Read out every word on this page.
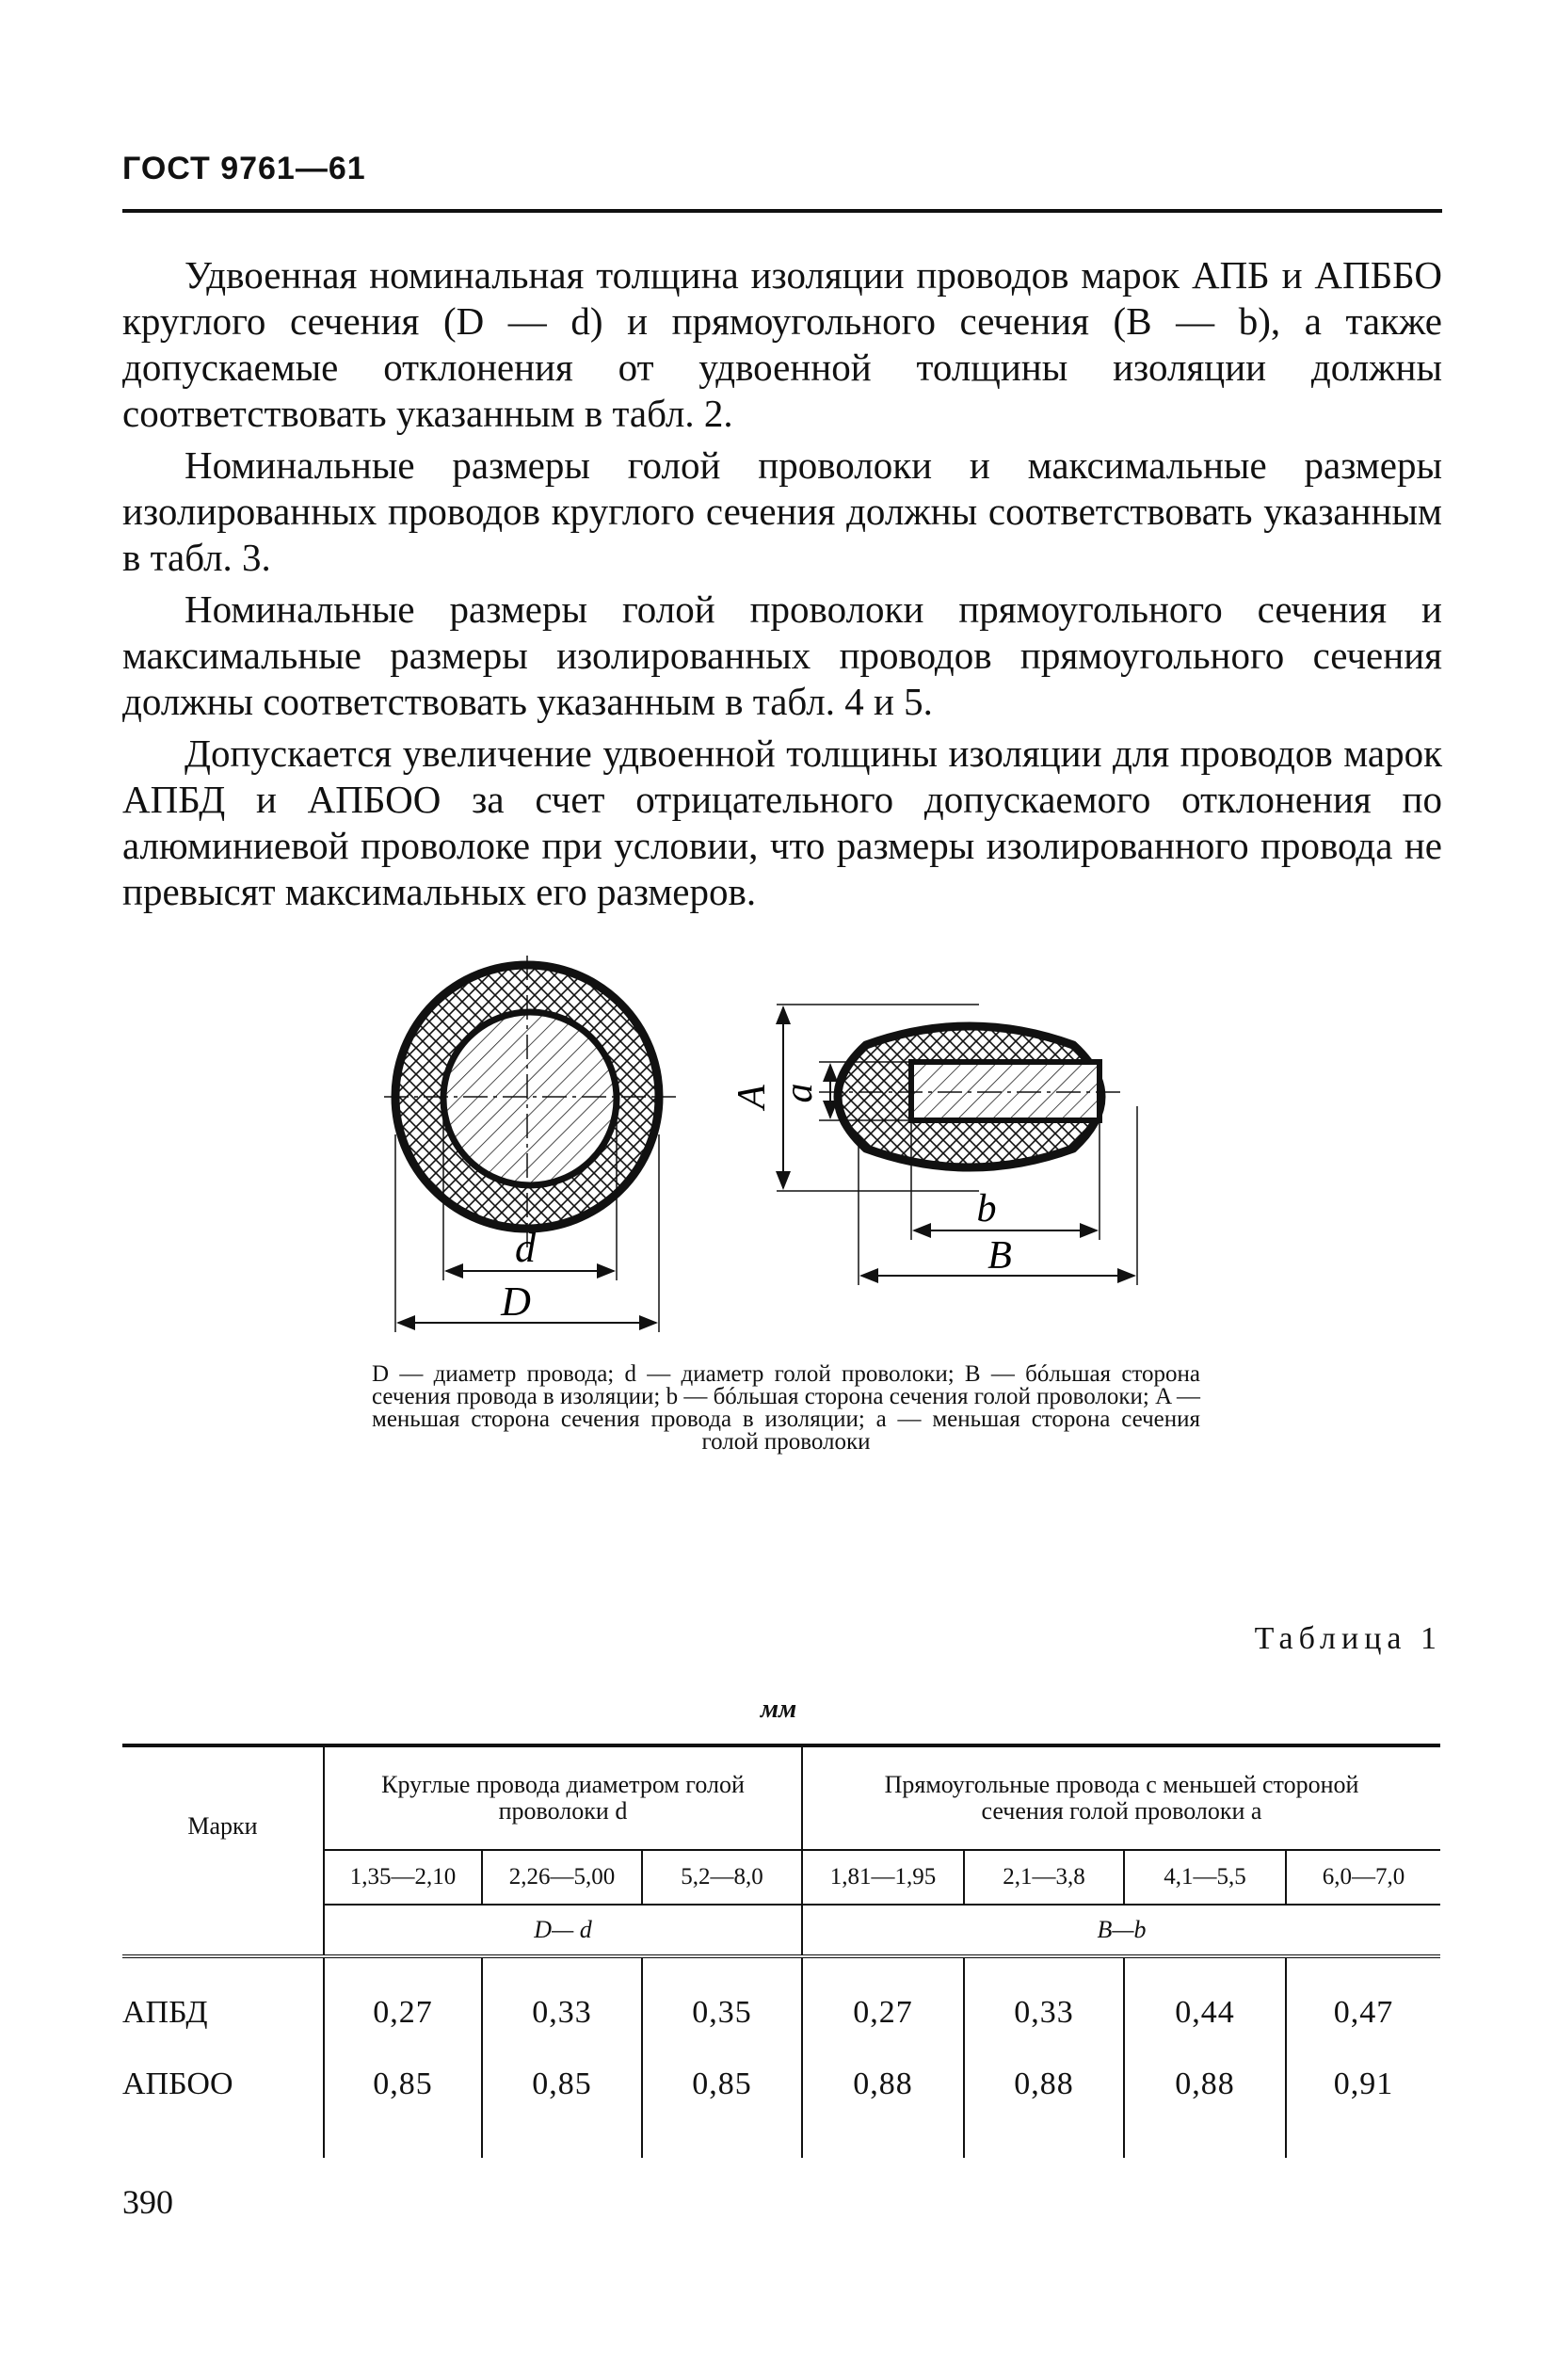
ГОСТ 9761—61

Удвоенная номинальная толщина изоляции проводов марок АПБ и АПББО круглого сечения (D — d) и прямоугольного сечения (B — b), а также допускаемые отклонения от удвоенной толщины изоляции должны соответствовать указанным в табл. 2.

Номинальные размеры голой проволоки и максимальные размеры изолированных проводов круглого сечения должны соответствовать указанным в табл. 3.

Номинальные размеры голой проволоки прямоугольного сечения и максимальные размеры изолированных проводов прямоугольного сечения должны соответствовать указанным в табл. 4 и 5.

Допускается увеличение удвоенной толщины изоляции для проводов марок АПБД и АПБОО за счет отрицательного допускаемого отклонения по алюминиевой проволоке при условии, что размеры изолированного провода не превысят максимальных его размеров.

d
D
A a
b
B
D — диаметр провода; d — диаметр голой проволоки; B — бóльшая сторона сечения провода в изоляции; b — бóльшая сторона сечения голой проволоки; A — меньшая сторона сечения провода в изоляции; a — меньшая сторона сечения голой проволоки
Таблица 1
мм
Марки	Круглые провода диаметром голой проволоки d			Прямоугольные провода с меньшей стороной сечения голой проволоки a			
	1,35—2,10	2,26—5,00	5,2—8,0	1,81—1,95	2,1—3,8	4,1—5,5	6,0—7,0
	D— d			B—b			
АПБД	0,27	0,33	0,35	0,27	0,33	0,44	0,47
АПБОО	0,85	0,85	0,85	0,88	0,88	0,88	0,91
390
